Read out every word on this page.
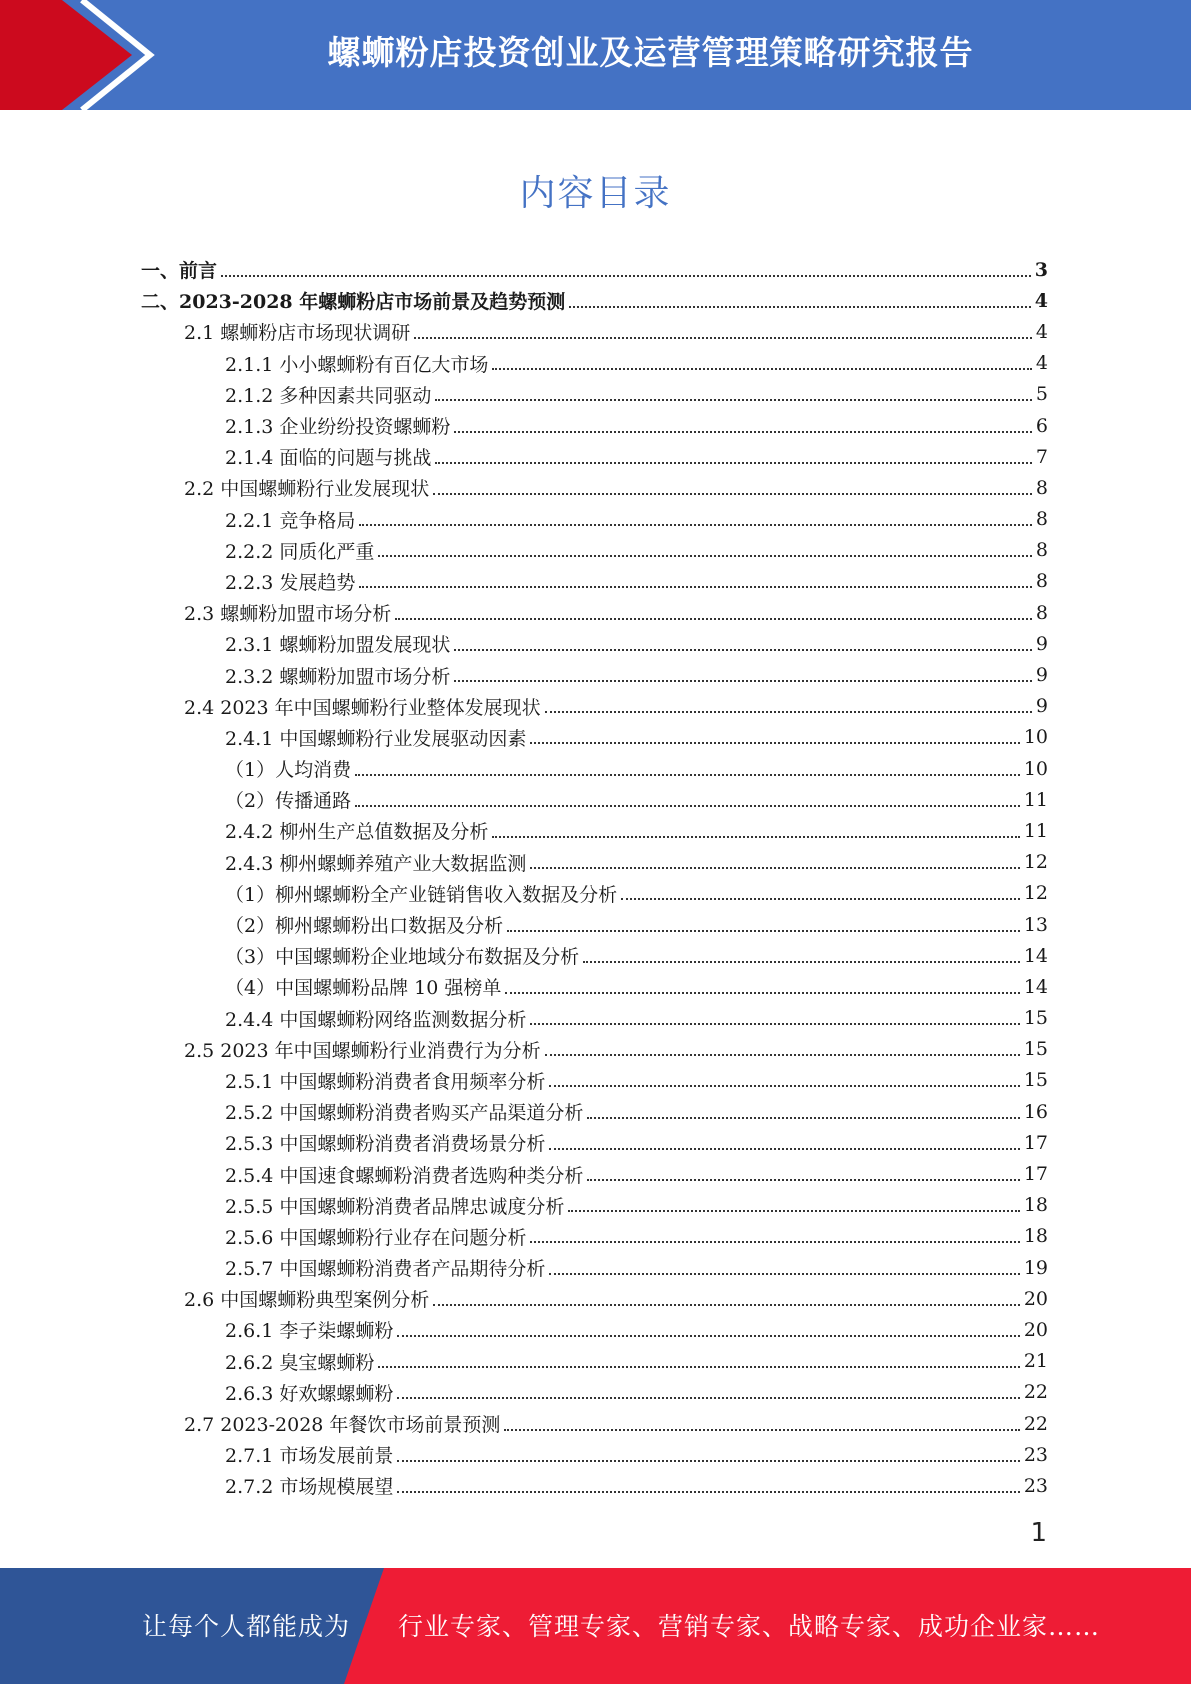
螺蛳粉店投资创业及运营管理策略研究报告
内容目录
一、前言	3
二、2023-2028 年螺蛳粉店市场前景及趋势预测	4
2.1 螺蛳粉店市场现状调研	4
2.1.1 小小螺蛳粉有百亿大市场	4
2.1.2 多种因素共同驱动	5
2.1.3 企业纷纷投资螺蛳粉	6
2.1.4 面临的问题与挑战	7
2.2 中国螺蛳粉行业发展现状	8
2.2.1 竞争格局	8
2.2.2 同质化严重	8
2.2.3 发展趋势	8
2.3 螺蛳粉加盟市场分析	8
2.3.1 螺蛳粉加盟发展现状	9
2.3.2 螺蛳粉加盟市场分析	9
2.4 2023 年中国螺蛳粉行业整体发展现状	9
2.4.1 中国螺蛳粉行业发展驱动因素	10
（1）人均消费	10
（2）传播通路	11
2.4.2 柳州生产总值数据及分析	11
2.4.3 柳州螺蛳养殖产业大数据监测	12
（1）柳州螺蛳粉全产业链销售收入数据及分析	12
（2）柳州螺蛳粉出口数据及分析	13
（3）中国螺蛳粉企业地域分布数据及分析	14
（4）中国螺蛳粉品牌 10 强榜单	14
2.4.4 中国螺蛳粉网络监测数据分析	15
2.5 2023 年中国螺蛳粉行业消费行为分析	15
2.5.1 中国螺蛳粉消费者食用频率分析	15
2.5.2 中国螺蛳粉消费者购买产品渠道分析	16
2.5.3 中国螺蛳粉消费者消费场景分析	17
2.5.4 中国速食螺蛳粉消费者选购种类分析	17
2.5.5 中国螺蛳粉消费者品牌忠诚度分析	18
2.5.6 中国螺蛳粉行业存在问题分析	18
2.5.7 中国螺蛳粉消费者产品期待分析	19
2.6 中国螺蛳粉典型案例分析	20
2.6.1 李子柒螺蛳粉	20
2.6.2 臭宝螺蛳粉	21
2.6.3 好欢螺螺蛳粉	22
2.7 2023-2028 年餐饮市场前景预测	22
2.7.1 市场发展前景	23
2.7.2 市场规模展望	23
1
让每个人都能成为 行业专家、管理专家、营销专家、战略专家、成功企业家……
